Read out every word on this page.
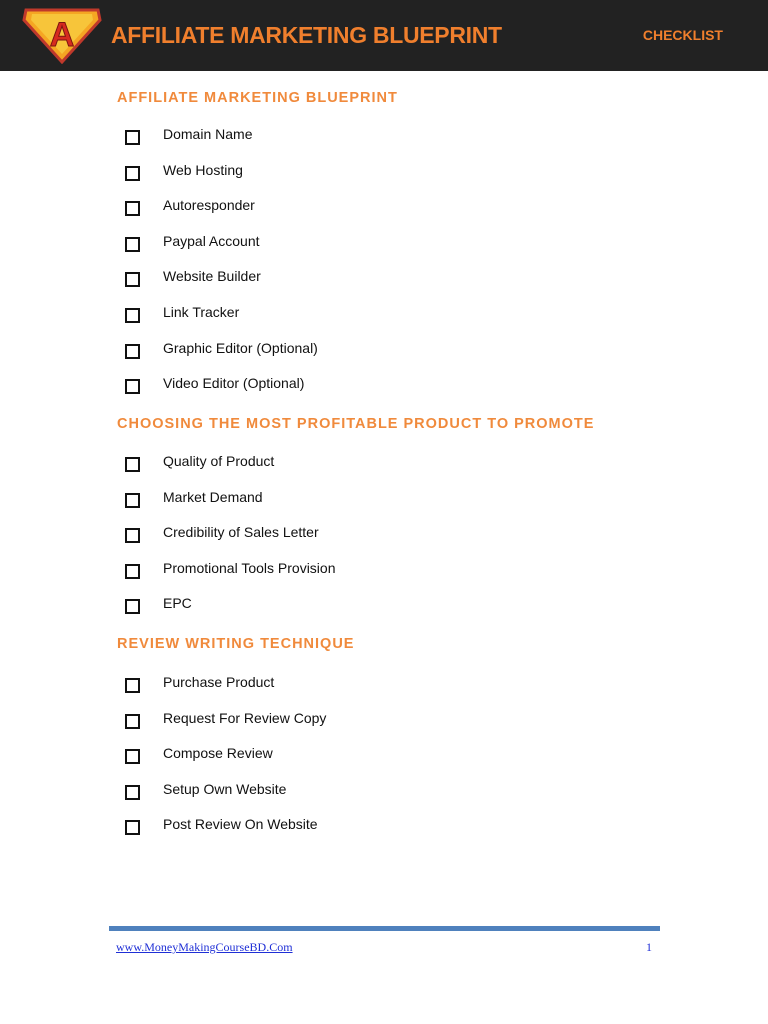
A AFFILIATE MARKETING BLUEPRINT	CHECKLIST
AFFILIATE MARKETING BLUEPRINT
Domain Name
Web Hosting
Autoresponder
Paypal Account
Website Builder
Link Tracker
Graphic Editor (Optional)
Video Editor (Optional)
CHOOSING THE MOST PROFITABLE PRODUCT TO PROMOTE
Quality of Product
Market Demand
Credibility of Sales Letter
Promotional Tools Provision
EPC
REVIEW WRITING TECHNIQUE
Purchase Product
Request For Review Copy
Compose Review
Setup Own Website
Post Review On Website
www.MoneyMakingCourseBD.Com	1
